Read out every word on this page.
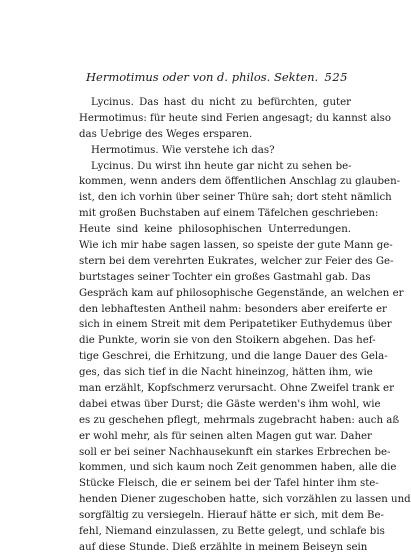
Hermotimus oder von d. philos. Sekten. 525
Lycinus. Das hast du nicht zu befürchten, guter
Hermotimus: für heute sind Ferien angesagt; du kannst also
das Uebrige des Weges ersparen.
Hermotimus. Wie verstehe ich das?
Lycinus. Du wirst ihn heute gar nicht zu sehen be-
kommen, wenn anders dem öffentlichen Anschlag zu glauben-
ist, den ich vorhin über seiner Thüre sah; dort steht nämlich
mit großen Buchstaben auf einem Täfelchen geschrieben:
Heute sind keine philosophischen Unterredungen.
Wie ich mir habe sagen lassen, so speiste der gute Mann ge-
stern bei dem verehrten Eukrates, welcher zur Feier des Ge-
burtstages seiner Tochter ein großes Gastmahl gab. Das
Gespräch kam auf philosophische Gegenstände, an welchen er
den lebhaftesten Antheil nahm: besonders aber ereiferte er
sich in einem Streit mit dem Peripatetiker Euthydemus über
die Punkte, worin sie von den Stoikern abgehen. Das hef-
tige Geschrei, die Erhitzung, und die lange Dauer des Gela-
ges, das sich tief in die Nacht hineinzog, hätten ihm, wie
man erzählt, Kopfschmerz verursacht. Ohne Zweifel trank er
dabei etwas über Durst; die Gäste werden's ihm wohl, wie
es zu geschehen pflegt, mehrmals zugebracht haben: auch aß
er wohl mehr, als für seinen alten Magen gut war. Daher
soll er bei seiner Nachhausekunft ein starkes Erbrechen be-
kommen, und sich kaum noch Zeit genommen haben, alle die
Stücke Fleisch, die er seinem bei der Tafel hinter ihm ste-
henden Diener zugeschoben hatte, sich vorzählen zu lassen und
sorgfältig zu versiegeln. Hierauf hätte er sich, mit dem Be-
fehl, Niemand einzulassen, zu Bette gelegt, und schlafe bis
auf diese Stunde. Dieß erzählte in meinem Beiseyn sein
